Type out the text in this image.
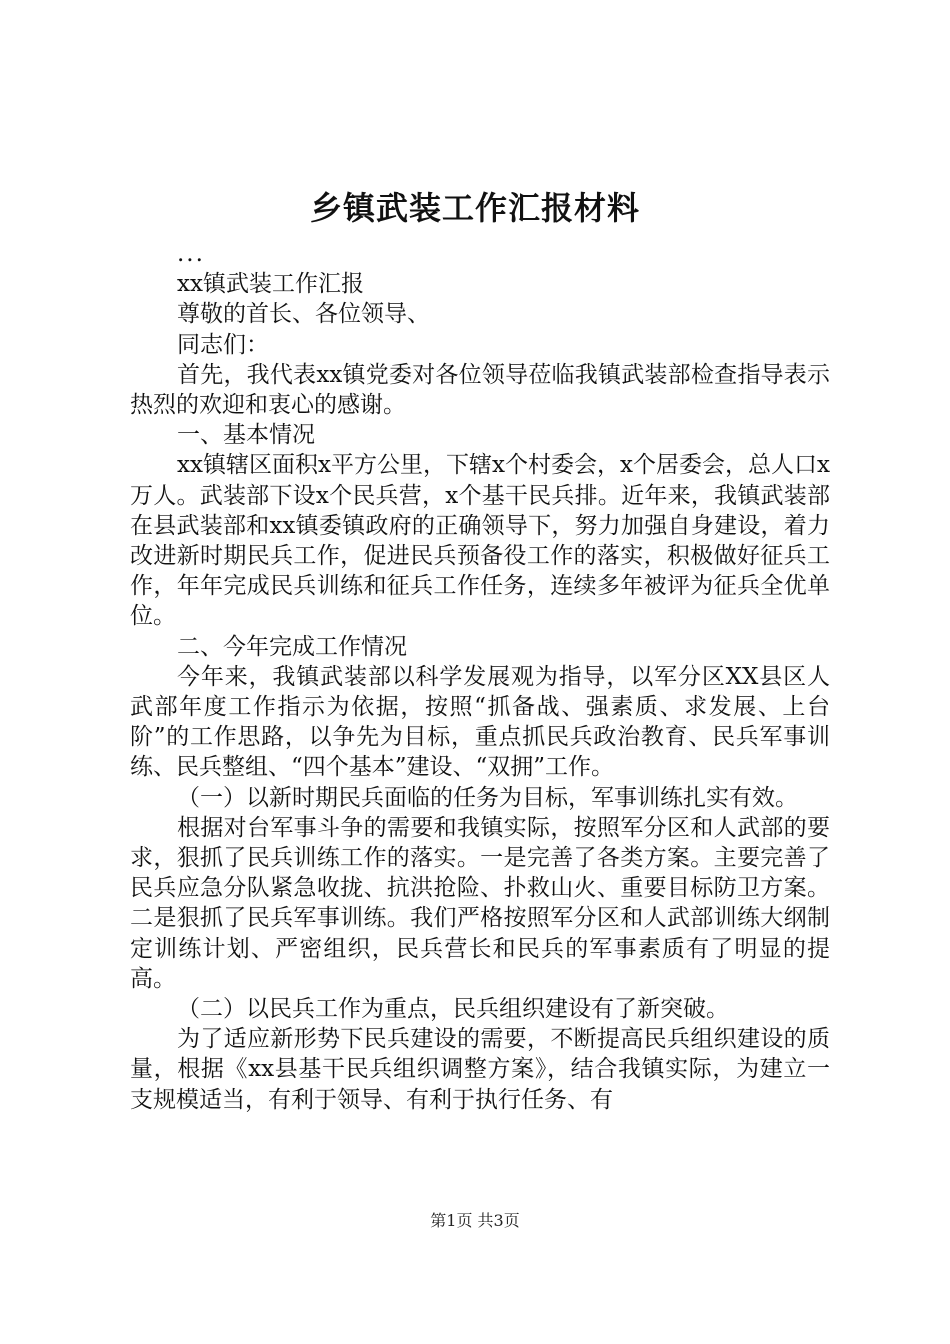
乡镇武装工作汇报材料

...

xx镇武装工作汇报

尊敬的首长、各位领导、

同志们：

首先，我代表xx镇党委对各位领导莅临我镇武装部检查指导表示热烈的欢迎和衷心的感谢。

一、基本情况

xx镇辖区面积x平方公里，下辖x个村委会，x个居委会，总人口x万人。武装部下设x个民兵营，x个基干民兵排。近年来，我镇武装部在县武装部和xx镇委镇政府的正确领导下，努力加强自身建设，着力改进新时期民兵工作，促进民兵预备役工作的落实，积极做好征兵工作，年年完成民兵训练和征兵工作任务，连续多年被评为征兵全优单位。

二、今年完成工作情况

今年来，我镇武装部以科学发展观为指导，以军分区XX县区人武部年度工作指示为依据，按照“抓备战、强素质、求发展、上台阶”的工作思路，以争先为目标，重点抓民兵政治教育、民兵军事训练、民兵整组、“四个基本”建设、“双拥”工作。

（一）以新时期民兵面临的任务为目标，军事训练扎实有效。

根据对台军事斗争的需要和我镇实际，按照军分区和人武部的要求，狠抓了民兵训练工作的落实。一是完善了各类方案。主要完善了民兵应急分队紧急收拢、抗洪抢险、扑救山火、重要目标防卫方案。二是狠抓了民兵军事训练。我们严格按照军分区和人武部训练大纲制定训练计划、严密组织，民兵营长和民兵的军事素质有了明显的提高。

（二）以民兵工作为重点，民兵组织建设有了新突破。

为了适应新形势下民兵建设的需要，不断提高民兵组织建设的质量，根据《xx县基干民兵组织调整方案》，结合我镇实际，为建立一支规模适当，有利于领导、有利于执行任务、有

第1页 共3页
